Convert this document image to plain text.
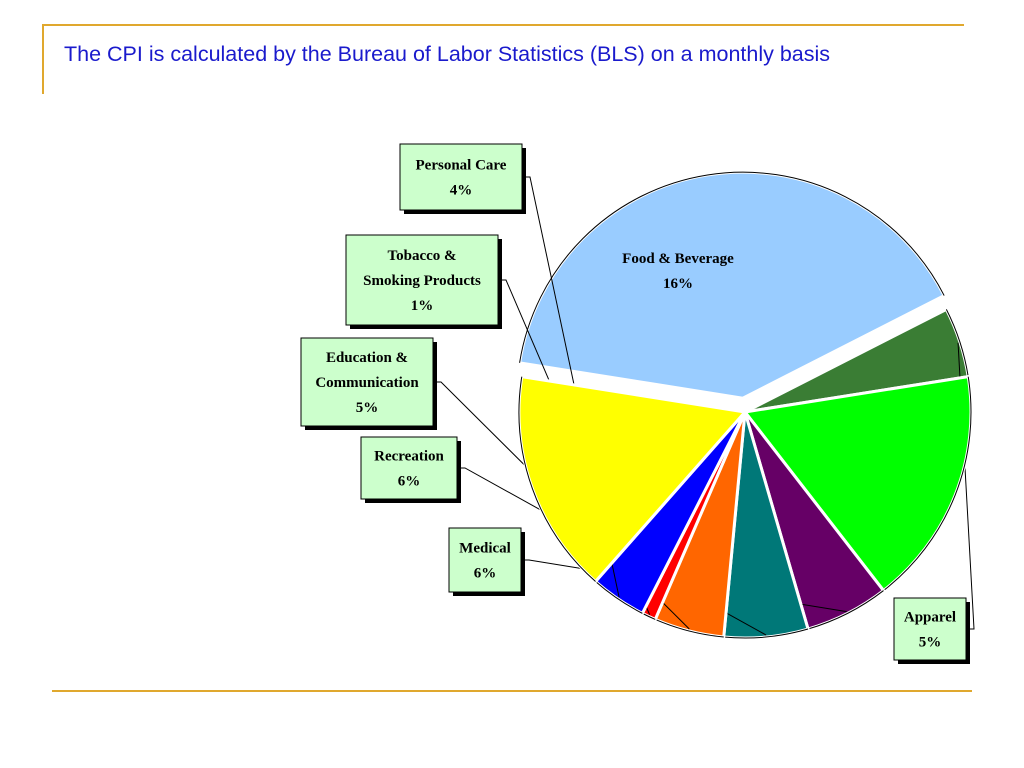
The CPI is calculated by the Bureau of Labor Statistics (BLS) on a monthly basis
Apparel
5%
Medical
6%
Recreation
6%
Education &
Communication
5%
Tobacco &
Smoking Products
1%
Personal Care
4%
Food & Beverage
16%
